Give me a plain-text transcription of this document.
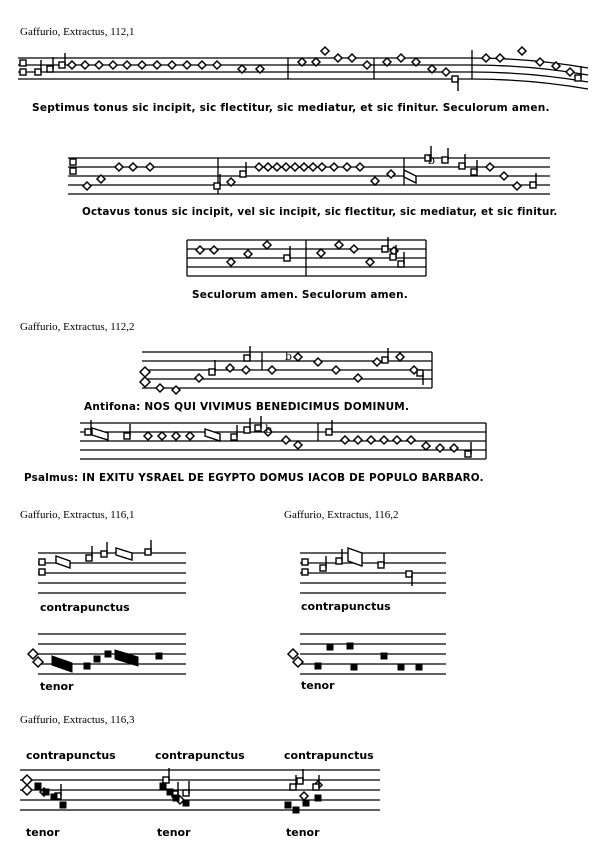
Gaffurio, Extractus, 112,1
Gaffurio, Extractus, 112,2
Gaffurio, Extractus, 116,1	Gaffurio, Extractus, 116,2
Gaffurio, Extractus, 116,3
b
b
b
Septimus tonus sic incipit, sic flectitur, sic mediatur, et sic finitur. Seculorum amen.
Octavus tonus sic incipit, vel sic incipit, sic flectitur, sic mediatur, et sic finitur.
Seculorum amen. Seculorum amen.
Antifona: NOS QUI VIVIMUS BENEDICIMUS DOMINUM.
Psalmus: IN EXITU YSRAEL DE EGYPTO DOMUS IACOB DE POPULO BARBARO.
contrapunctus
tenor
contrapunctus
tenor
contrapunctus	contrapunctus	contrapunctus
tenor	tenor	tenor
